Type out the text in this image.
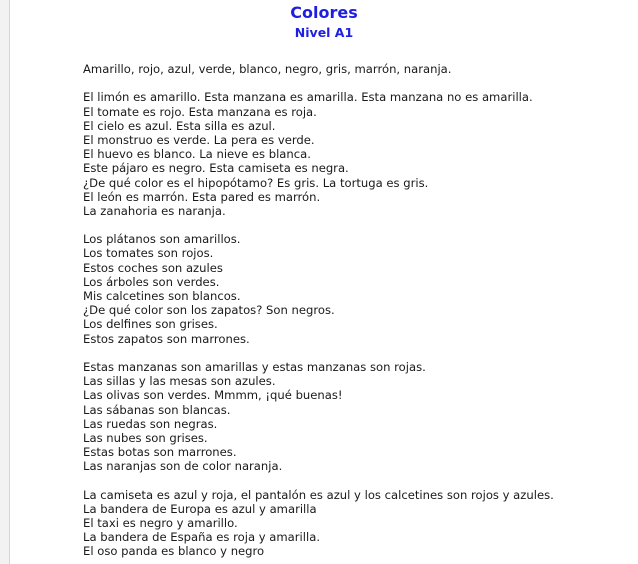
Colores
Nivel A1
Amarillo, rojo, azul, verde, blanco, negro, gris, marrón, naranja.
El limón es amarillo. Esta manzana es amarilla. Esta manzana no es amarilla.
El tomate es rojo. Esta manzana es roja.
El cielo es azul. Esta silla es azul.
El monstruo es verde. La pera es verde.
El huevo es blanco. La nieve es blanca.
Este pájaro es negro. Esta camiseta es negra.
¿De qué color es el hipopótamo? Es gris. La tortuga es gris.
El león es marrón. Esta pared es marrón.
La zanahoria es naranja.
Los plátanos son amarillos.
Los tomates son rojos.
Estos coches son azules
Los árboles son verdes.
Mis calcetines son blancos.
¿De qué color son los zapatos? Son negros.
Los delfines son grises.
Estos zapatos son marrones.
Estas manzanas son amarillas y estas manzanas son rojas.
Las sillas y las mesas son azules.
Las olivas son verdes. Mmmm, ¡qué buenas!
Las sábanas son blancas.
Las ruedas son negras.
Las nubes son grises.
Estas botas son marrones.
Las naranjas son de color naranja.
La camiseta es azul y roja, el pantalón es azul y los calcetines son rojos y azules.
La bandera de Europa es azul y amarilla
El taxi es negro y amarillo.
La bandera de España es roja y amarilla.
El oso panda es blanco y negro
